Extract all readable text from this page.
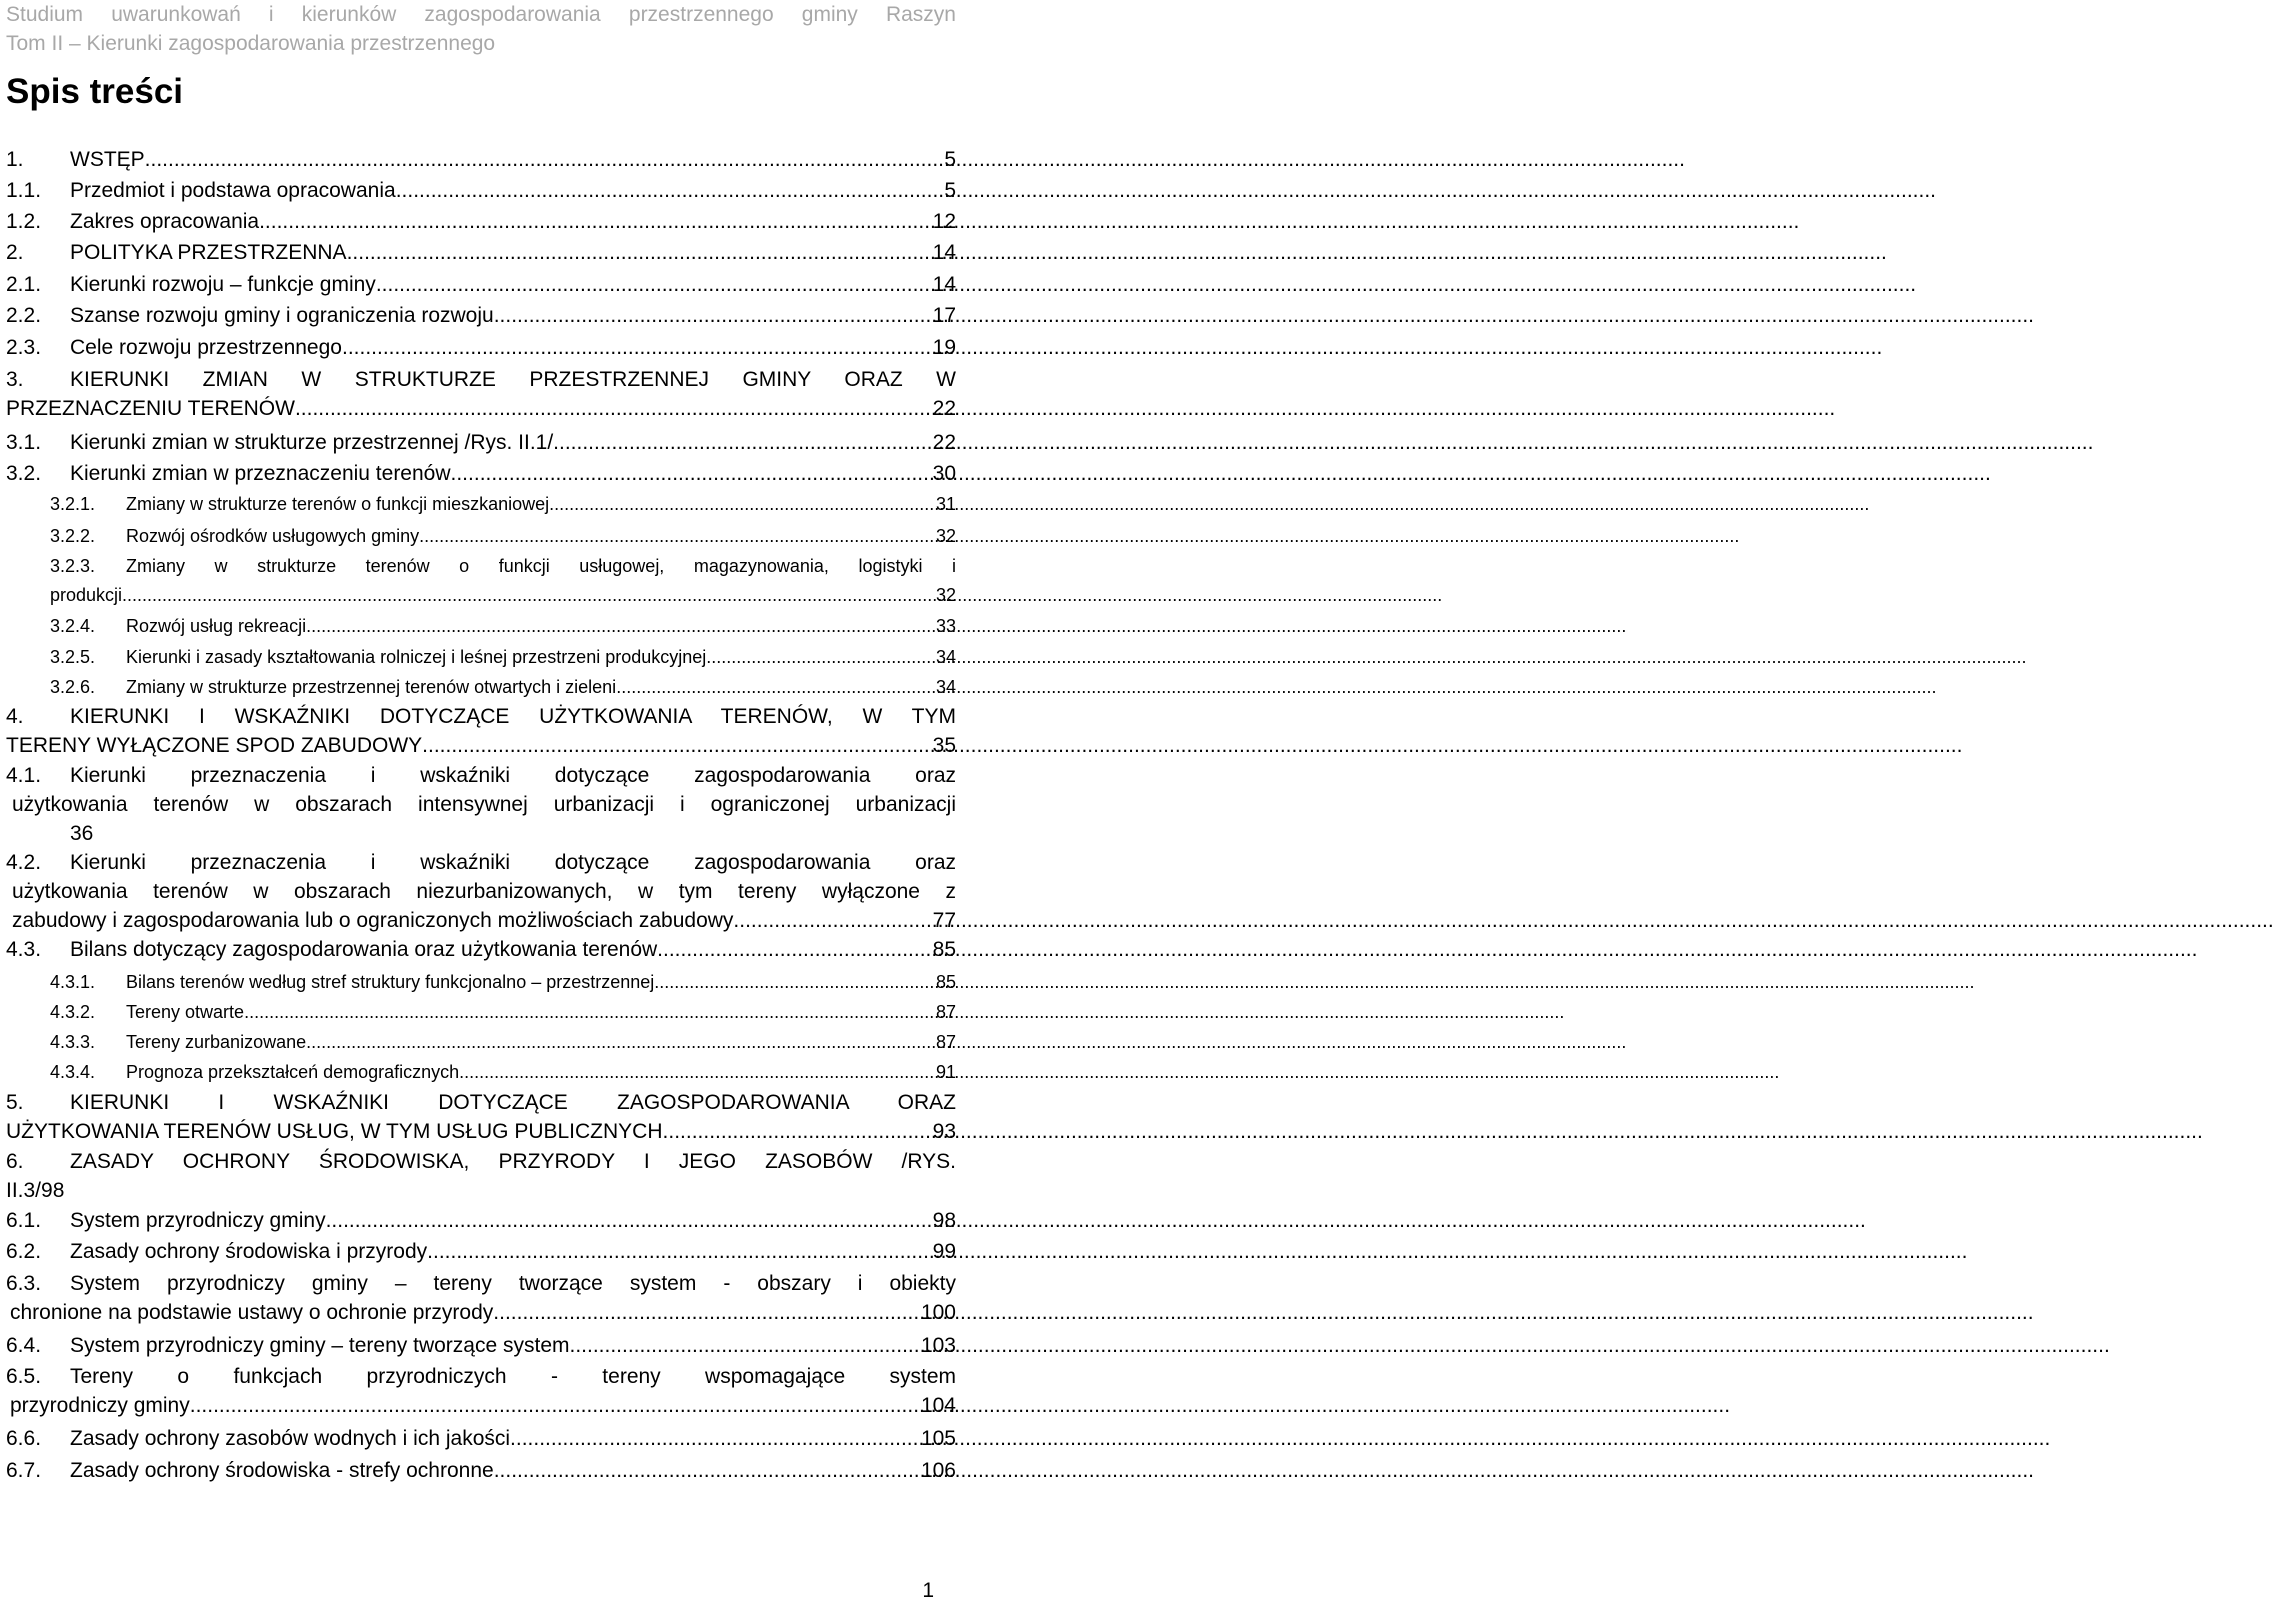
Studium uwarunkowań i kierunków zagospodarowania przestrzennego gminy Raszyn
Tom II – Kierunki zagospodarowania przestrzennego
Spis treści
1.	WSTĘP .....	5
1.1.	Przedmiot i podstawa opracowania .....	5
1.2.	Zakres opracowania .....	12
2.	POLITYKA PRZESTRZENNA .....	14
2.1.	Kierunki rozwoju – funkcje gminy .....	14
2.2.	Szanse rozwoju gminy i ograniczenia rozwoju .....	17
2.3.	Cele rozwoju przestrzennego .....	19
3.	KIERUNKI ZMIAN W STRUKTURZE PRZESTRZENNEJ GMINY ORAZ W
PRZEZNACZENIU TERENÓW .....	22
3.1.	Kierunki zmian w strukturze przestrzennej /Rys. II.1/ .....	22
3.2.	Kierunki zmian w przeznaczeniu terenów .....	30
3.2.1.	Zmiany w strukturze terenów o funkcji mieszkaniowej .....	31
3.2.2.	Rozwój ośrodków usługowych gminy .....	32
3.2.3.	Zmiany w strukturze terenów o funkcji usługowej, magazynowania, logistyki i
produkcji .....	32
3.2.4.	Rozwój usług rekreacji .....	33
3.2.5.	Kierunki i zasady kształtowania rolniczej i leśnej przestrzeni produkcyjnej .....	34
3.2.6.	Zmiany w strukturze przestrzennej terenów otwartych i zieleni .....	34
4.	KIERUNKI I WSKAŹNIKI DOTYCZĄCE UŻYTKOWANIA TERENÓW, W TYM
TERENY WYŁĄCZONE SPOD ZABUDOWY .....	35
4.1.	Kierunki przeznaczenia i wskaźniki dotyczące zagospodarowania oraz
użytkowania terenów w obszarach intensywnej urbanizacji i ograniczonej urbanizacji
36
4.2.	Kierunki przeznaczenia i wskaźniki dotyczące zagospodarowania oraz
użytkowania terenów w obszarach niezurbanizowanych, w tym tereny wyłączone z
zabudowy i zagospodarowania lub o ograniczonych możliwościach zabudowy .....	77
4.3.	Bilans dotyczący zagospodarowania oraz użytkowania terenów .....	85
4.3.1.	Bilans terenów według stref struktury funkcjonalno – przestrzennej .....	85
4.3.2.	Tereny otwarte .....	87
4.3.3.	Tereny zurbanizowane .....	87
4.3.4.	Prognoza przekształceń demograficznych .....	91
5.	KIERUNKI I WSKAŹNIKI DOTYCZĄCE ZAGOSPODAROWANIA ORAZ
UŻYTKOWANIA TERENÓW USŁUG, W TYM USŁUG PUBLICZNYCH .....	93
6.	ZASADY OCHRONY ŚRODOWISKA, PRZYRODY I JEGO ZASOBÓW /RYS.
II.3/98
6.1.	System przyrodniczy gminy .....	98
6.2.	Zasady ochrony środowiska i przyrody .....	99
6.3.	System przyrodniczy gminy – tereny tworzące system - obszary i obiekty
chronione na podstawie ustawy o ochronie przyrody .....	100
6.4.	System przyrodniczy gminy – tereny tworzące system .....	103
6.5.	Tereny o funkcjach przyrodniczych - tereny wspomagające system
przyrodniczy gminy .....	104
6.6.	Zasady ochrony zasobów wodnych i ich jakości .....	105
6.7.	Zasady ochrony środowiska - strefy ochronne .....	106
1
